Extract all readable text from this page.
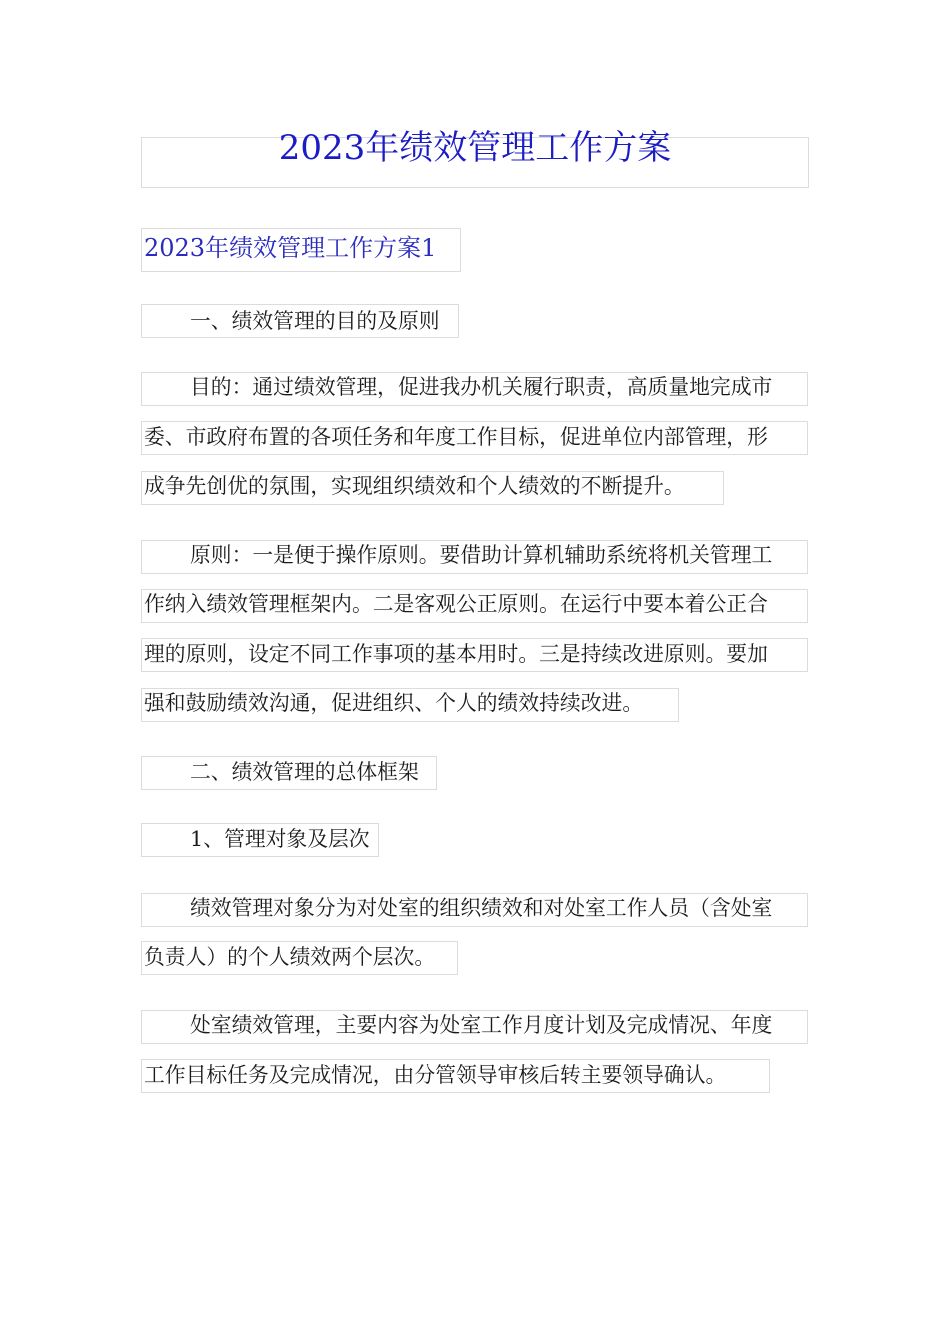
2023年绩效管理工作方案
2023年绩效管理工作方案1
一、绩效管理的目的及原则
目的：通过绩效管理，促进我办机关履行职责，高质量地完成市
委、市政府布置的各项任务和年度工作目标，促进单位内部管理，形
成争先创优的氛围，实现组织绩效和个人绩效的不断提升。
原则：一是便于操作原则。要借助计算机辅助系统将机关管理工
作纳入绩效管理框架内。二是客观公正原则。在运行中要本着公正合
理的原则，设定不同工作事项的基本用时。三是持续改进原则。要加
强和鼓励绩效沟通，促进组织、个人的绩效持续改进。
二、绩效管理的总体框架
1、管理对象及层次
绩效管理对象分为对处室的组织绩效和对处室工作人员（含处室
负责人）的个人绩效两个层次。
处室绩效管理，主要内容为处室工作月度计划及完成情况、年度
工作目标任务及完成情况，由分管领导审核后转主要领导确认。
